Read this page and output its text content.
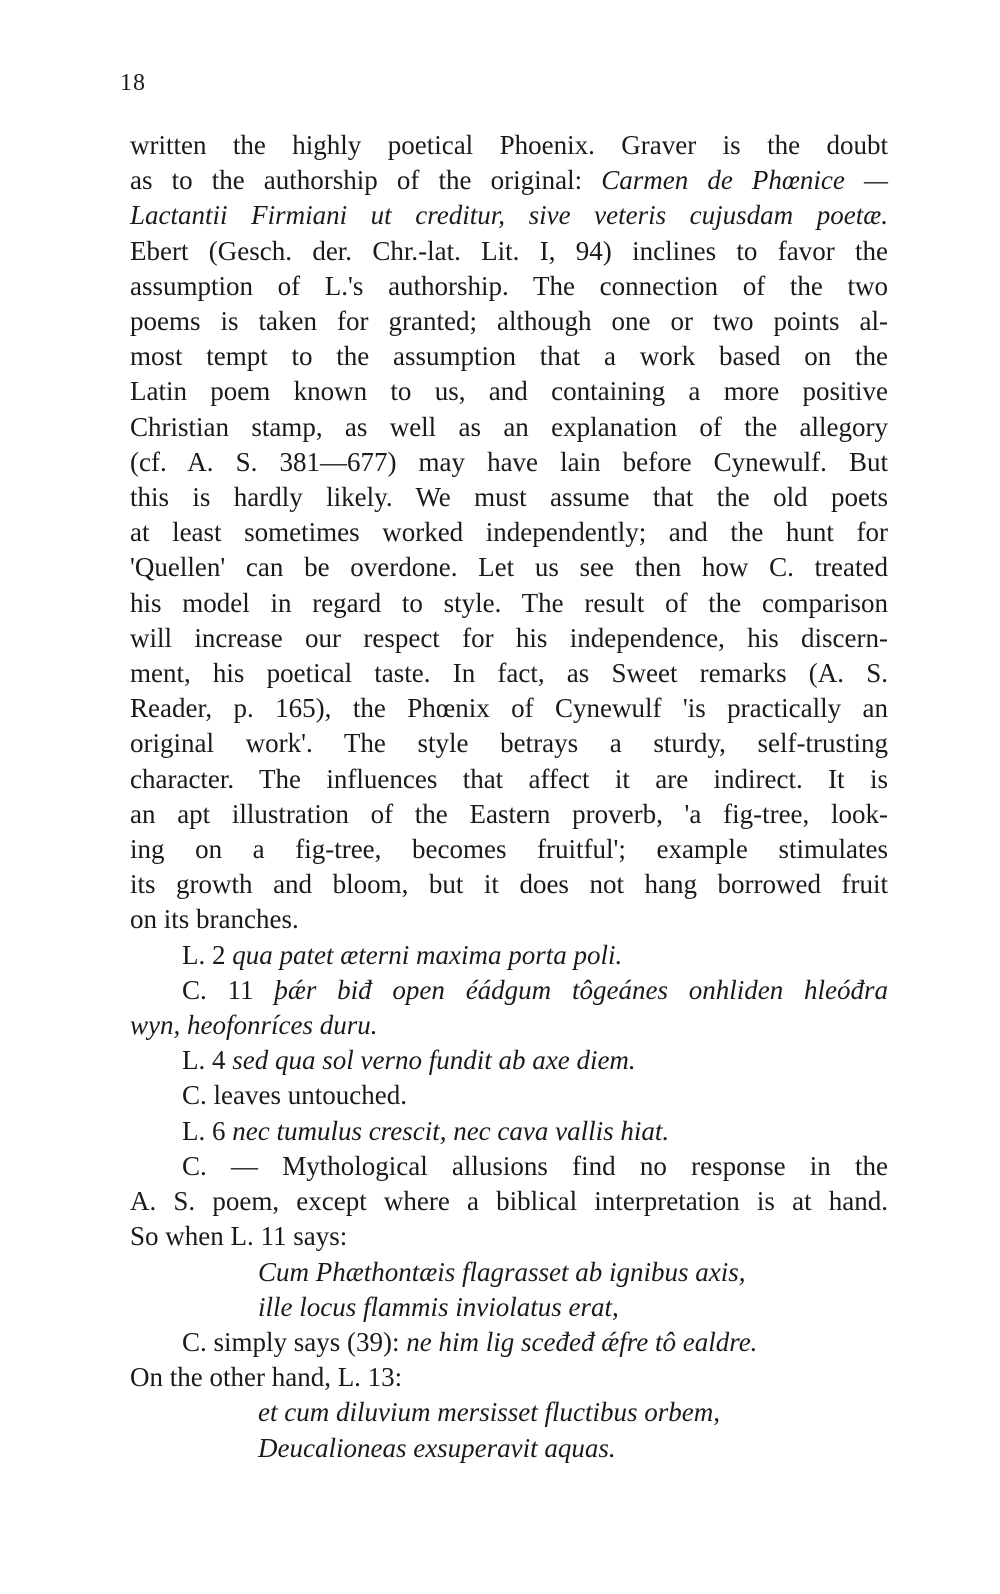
18

written the highly poetical Phoenix. Graver is the doubt
as to the authorship of the original: Carmen de Phœnice —
Lactantii Firmiani ut creditur, sive veteris cujusdam poetæ.
Ebert (Gesch. der. Chr.-lat. Lit. I, 94) inclines to favor the
assumption of L.'s authorship. The connection of the two
poems is taken for granted; although one or two points al-
most tempt to the assumption that a work based on the
Latin poem known to us, and containing a more positive
Christian stamp, as well as an explanation of the allegory
(cf. A. S. 381—677) may have lain before Cynewulf. But
this is hardly likely. We must assume that the old poets
at least sometimes worked independently; and the hunt for
'Quellen' can be overdone. Let us see then how C. treated
his model in regard to style. The result of the comparison
will increase our respect for his independence, his discern-
ment, his poetical taste. In fact, as Sweet remarks (A. S.
Reader, p. 165), the Phœnix of Cynewulf 'is practically an
original work'. The style betrays a sturdy, self-trusting
character. The influences that affect it are indirect. It is
an apt illustration of the Eastern proverb, 'a fig-tree, look-
ing on a fig-tree, becomes fruitful'; example stimulates
its growth and bloom, but it does not hang borrowed fruit
on its branches.

L. 2 qua patet æterni maxima porta poli.

C. 11 þǽr biđ open éádgum tôgeánes onhliden hleóđra
wyn, heofonríces duru.

L. 4 sed qua sol verno fundit ab axe diem.

C. leaves untouched.

L. 6 nec tumulus crescit, nec cava vallis hiat.

C. — Mythological allusions find no response in the
A. S. poem, except where a biblical interpretation is at hand.
So when L. 11 says:

Cum Phæthontæis flagrasset ab ignibus axis,
ille locus flammis inviolatus erat,

C. simply says (39): ne him lig sceđeđ ǽfre tô ealdre.
On the other hand, L. 13:

et cum diluvium mersisset fluctibus orbem,
Deucalioneas exsuperavit aquas.
